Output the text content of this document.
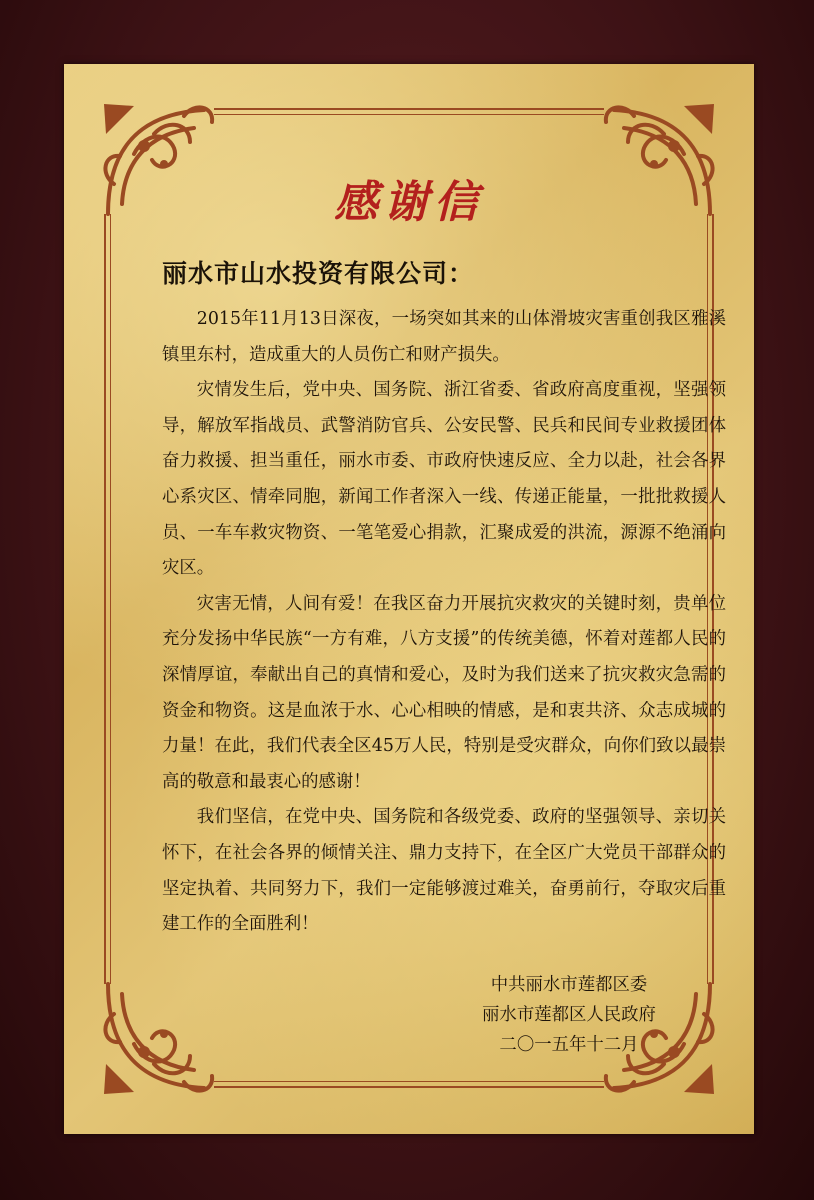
感谢信
丽水市山水投资有限公司：

2015年11月13日深夜，一场突如其来的山体滑坡灾害重创我区雅溪镇里东村，造成重大的人员伤亡和财产损失。

灾情发生后，党中央、国务院、浙江省委、省政府高度重视，坚强领导，解放军指战员、武警消防官兵、公安民警、民兵和民间专业救援团体奋力救援、担当重任，丽水市委、市政府快速反应、全力以赴，社会各界心系灾区、情牵同胞，新闻工作者深入一线、传递正能量，一批批救援人员、一车车救灾物资、一笔笔爱心捐款，汇聚成爱的洪流，源源不绝涌向灾区。

灾害无情，人间有爱！在我区奋力开展抗灾救灾的关键时刻，贵单位充分发扬中华民族“一方有难，八方支援”的传统美德，怀着对莲都人民的深情厚谊，奉献出自己的真情和爱心，及时为我们送来了抗灾救灾急需的资金和物资。这是血浓于水、心心相映的情感，是和衷共济、众志成城的力量！在此，我们代表全区45万人民，特别是受灾群众，向你们致以最崇高的敬意和最衷心的感谢！

我们坚信，在党中央、国务院和各级党委、政府的坚强领导、亲切关怀下，在社会各界的倾情关注、鼎力支持下，在全区广大党员干部群众的坚定执着、共同努力下，我们一定能够渡过难关，奋勇前行，夺取灾后重建工作的全面胜利！

中共丽水市莲都区委
丽水市莲都区人民政府
二〇一五年十二月
